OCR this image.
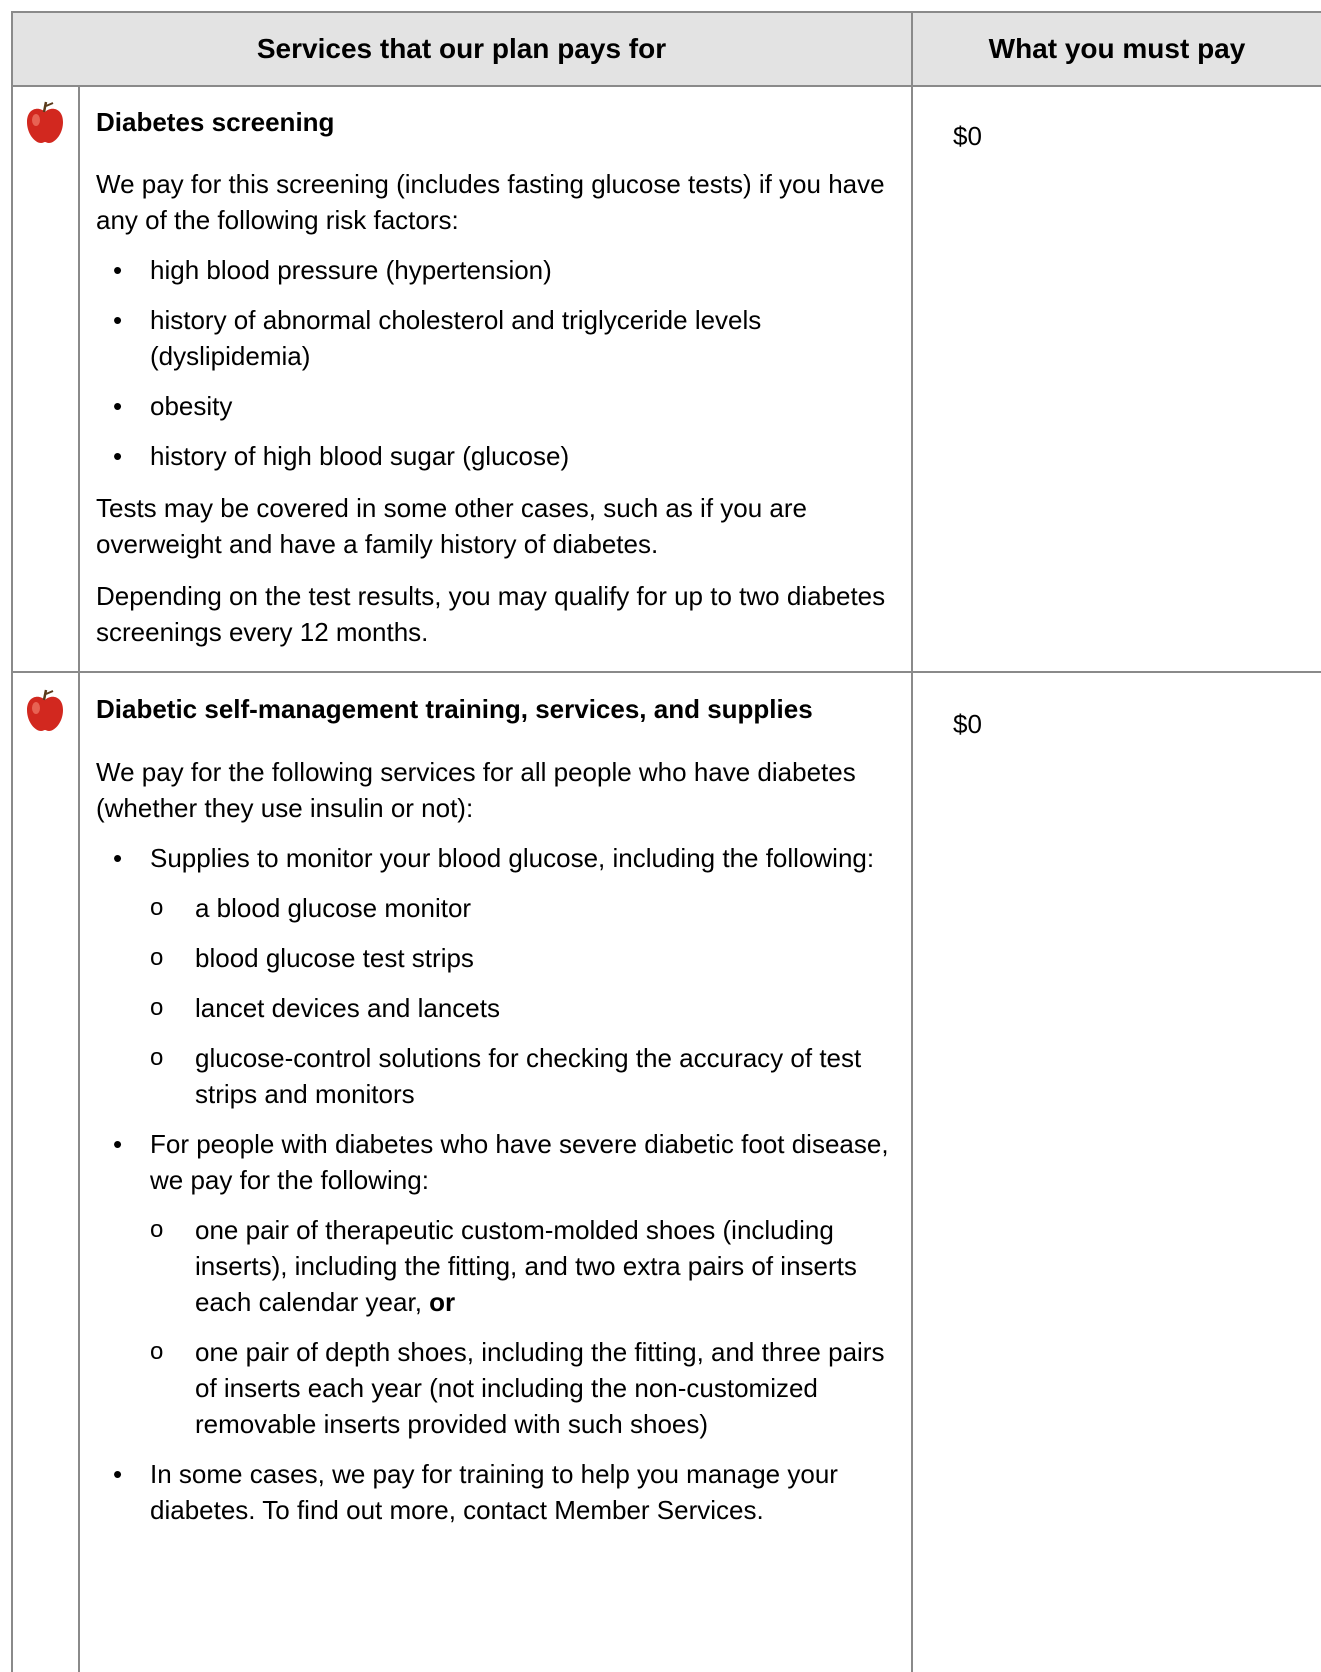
Services that our plan pays for	What you must pay

Diabetes screening

We pay for this screening (includes fasting glucose tests) if you have any of the following risk factors:

• high blood pressure (hypertension)
• history of abnormal cholesterol and triglyceride levels (dyslipidemia)
• obesity
• history of high blood sugar (glucose)

Tests may be covered in some other cases, such as if you are overweight and have a family history of diabetes.

Depending on the test results, you may qualify for up to two diabetes screenings every 12 months.

$0

Diabetic self-management training, services, and supplies

We pay for the following services for all people who have diabetes (whether they use insulin or not):

• Supplies to monitor your blood glucose, including the following:

o a blood glucose monitor
o blood glucose test strips
o lancet devices and lancets
o glucose-control solutions for checking the accuracy of test strips and monitors

• For people with diabetes who have severe diabetic foot disease, we pay for the following:

o one pair of therapeutic custom-molded shoes (including inserts), including the fitting, and two extra pairs of inserts each calendar year, or
o one pair of depth shoes, including the fitting, and three pairs of inserts each year (not including the non-customized removable inserts provided with such shoes)
• In some cases, we pay for training to help you manage your diabetes. To find out more, contact Member Services.
$0
